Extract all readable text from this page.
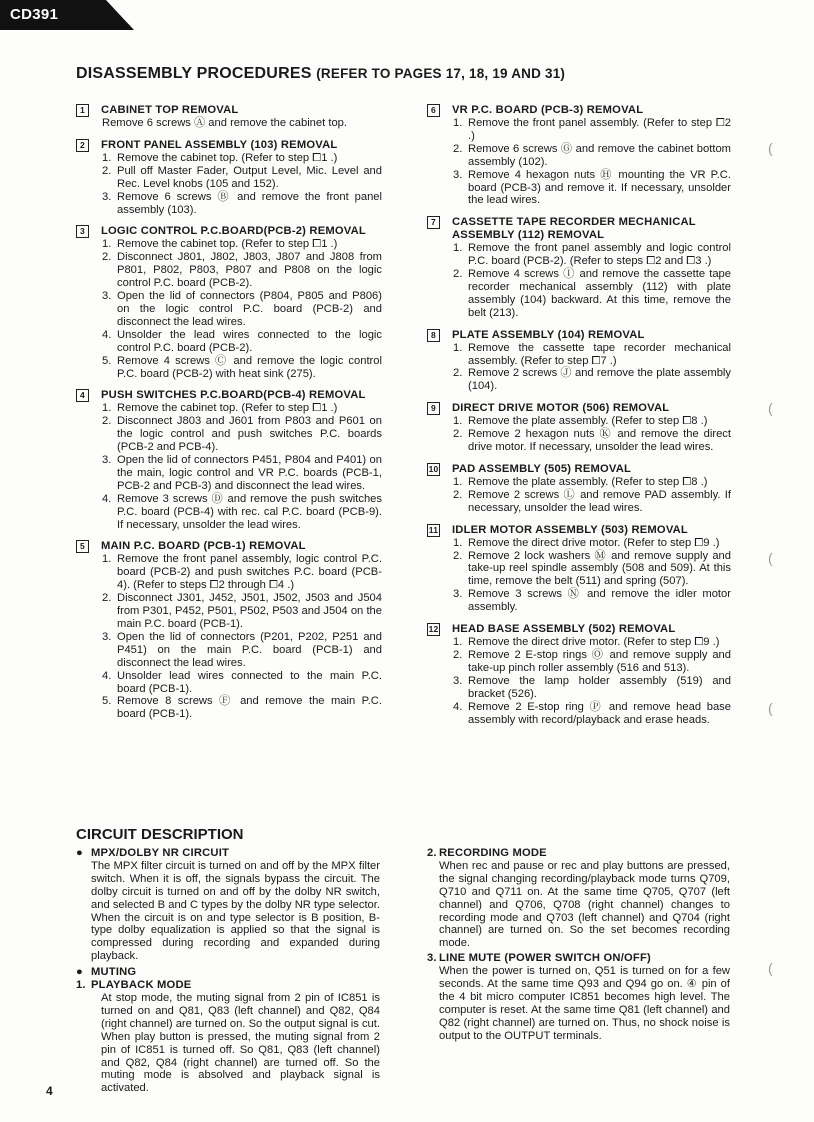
CD391
DISASSEMBLY PROCEDURES (REFER TO PAGES 17, 18, 19 AND 31)
1	CABINET TOP REMOVAL
Remove 6 screws Ⓐ and remove the cabinet top.
2	FRONT PANEL ASSEMBLY (103) REMOVAL
1. Remove the cabinet top. (Refer to step ⧠1 .)
2. Pull off Master Fader, Output Level, Mic. Level and Rec. Level knobs (105 and 152).
3. Remove 6 screws Ⓑ and remove the front panel assembly (103).
3	LOGIC CONTROL P.C.BOARD(PCB-2) REMOVAL
1. Remove the cabinet top. (Refer to step ⧠1 .)
2. Disconnect J801, J802, J803, J807 and J808 from P801, P802, P803, P807 and P808 on the logic control P.C. board (PCB-2).
3. Open the lid of connectors (P804, P805 and P806) on the logic control P.C. board (PCB-2) and disconnect the lead wires.
4. Unsolder the lead wires connected to the logic control P.C. board (PCB-2).
5. Remove 4 screws Ⓒ and remove the logic control P.C. board (PCB-2) with heat sink (275).
4	PUSH SWITCHES P.C.BOARD(PCB-4) REMOVAL
1. Remove the cabinet top. (Refer to step ⧠1 .)
2. Disconnect J803 and J601 from P803 and P601 on the logic control and push switches P.C. boards (PCB-2 and PCB-4).
3. Open the lid of connectors P451, P804 and P401) on the main, logic control and VR P.C. boards (PCB-1, PCB-2 and PCB-3) and disconnect the lead wires.
4. Remove 3 screws Ⓓ and remove the push switches P.C. board (PCB-4) with rec. cal P.C. board (PCB-9). If necessary, unsolder the lead wires.
5	MAIN P.C. BOARD (PCB-1) REMOVAL
1. Remove the front panel assembly, logic control P.C. board (PCB-2) and push switches P.C. board (PCB-4). (Refer to steps ⧠2 through ⧠4 .)
2. Disconnect J301, J452, J501, J502, J503 and J504 from P301, P452, P501, P502, P503 and J504 on the main P.C. board (PCB-1).
3. Open the lid of connectors (P201, P202, P251 and P451) on the main P.C. board (PCB-1) and disconnect the lead wires.
4. Unsolder lead wires connected to the main P.C. board (PCB-1).
5. Remove 8 screws Ⓕ and remove the main P.C. board (PCB-1).
6	VR P.C. BOARD (PCB-3) REMOVAL
1. Remove the front panel assembly. (Refer to step ⧠2 .)
2. Remove 6 screws Ⓖ and remove the cabinet bottom assembly (102).
3. Remove 4 hexagon nuts Ⓗ mounting the VR P.C. board (PCB-3) and remove it. If necessary, unsolder the lead wires.
7	CASSETTE TAPE RECORDER MECHANICAL ASSEMBLY (112) REMOVAL
1. Remove the front panel assembly and logic control P.C. board (PCB-2). (Refer to steps ⧠2 and ⧠3 .)
2. Remove 4 screws Ⓘ and remove the cassette tape recorder mechanical assembly (112) with plate assembly (104) backward. At this time, remove the belt (213).
8	PLATE ASSEMBLY (104) REMOVAL
1. Remove the cassette tape recorder mechanical assembly. (Refer to step ⧠7 .)
2. Remove 2 screws Ⓙ and remove the plate assembly (104).
9	DIRECT DRIVE MOTOR (506) REMOVAL
1. Remove the plate assembly. (Refer to step ⧠8 .)
2. Remove 2 hexagon nuts Ⓚ and remove the direct drive motor. If necessary, unsolder the lead wires.
10 PAD ASSEMBLY (505) REMOVAL
1. Remove the plate assembly. (Refer to step ⧠8 .)
2. Remove 2 screws Ⓛ and remove PAD assembly. If necessary, unsolder the lead wires.
11 IDLER MOTOR ASSEMBLY (503) REMOVAL
1. Remove the direct drive motor. (Refer to step ⧠9 .)
2. Remove 2 lock washers Ⓜ and remove supply and take-up reel spindle assembly (508 and 509). At this time, remove the belt (511) and spring (507).
3. Remove 3 screws Ⓝ and remove the idler motor assembly.
12 HEAD BASE ASSEMBLY (502) REMOVAL
1. Remove the direct drive motor. (Refer to step ⧠9 .)
2. Remove 2 E-stop rings Ⓞ and remove supply and take-up pinch roller assembly (516 and 513).
3. Remove the lamp holder assembly (519) and bracket (526).
4. Remove 2 E-stop ring Ⓟ and remove head base assembly with record/playback and erase heads.
CIRCUIT DESCRIPTION
● MPX/DOLBY NR CIRCUIT
The MPX filter circuit is turned on and off by the MPX filter switch. When it is off, the signals bypass the circuit. The dolby circuit is turned on and off by the dolby NR switch, and selected B and C types by the dolby NR type selector. When the circuit is on and type selector is B position, B-type dolby equalization is applied so that the signal is compressed during recording and expanded during playback.
● MUTING
1. PLAYBACK MODE
At stop mode, the muting signal from 2 pin of IC851 is turned on and Q81, Q83 (left channel) and Q82, Q84 (right channel) are turned on. So the output signal is cut. When play button is pressed, the muting signal from 2 pin of IC851 is turned off. So Q81, Q83 (left channel) and Q82, Q84 (right channel) are turned off. So the muting mode is absolved and playback signal is activated.
2. RECORDING MODE
When rec and pause or rec and play buttons are pressed, the signal changing recording/playback mode turns Q709, Q710 and Q711 on. At the same time Q705, Q707 (left channel) and Q706, Q708 (right channel) changes to recording mode and Q703 (left channel) and Q704 (right channel) are turned on. So the set becomes recording mode.
3. LINE MUTE (POWER SWITCH ON/OFF)
When the power is turned on, Q51 is turned on for a few seconds. At the same time Q93 and Q94 go on. ④ pin of the 4 bit micro computer IC851 becomes high level. The computer is reset. At the same time Q81 (left channel) and Q82 (right channel) are turned on. Thus, no shock noise is output to the OUTPUT terminals.
4
(
(
(
(
(
